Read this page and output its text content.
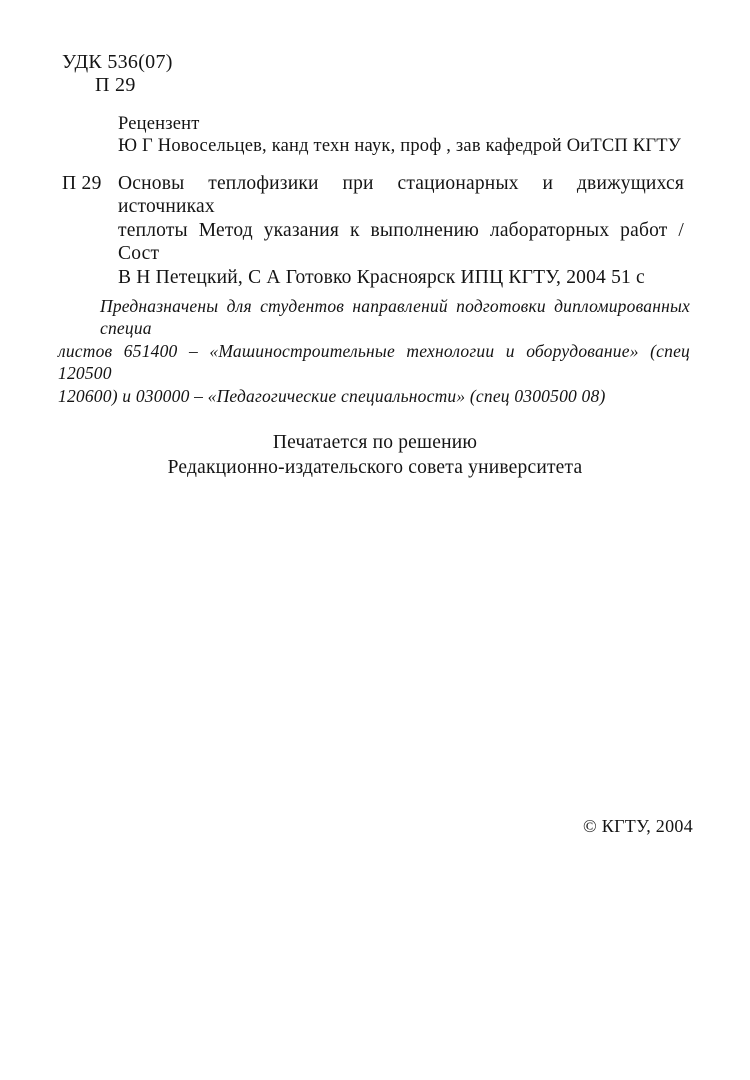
УДК 536(07)
П 29
Рецензент
Ю Г Новосельцев, канд техн наук, проф , зав кафедрой ОиТСП КГТУ
П 29 Основы теплофизики при стационарных и движущихся источниках
теплоты Метод указания к выполнению лабораторных работ / Сост
В Н Петецкий, С А Готовко Красноярск ИПЦ КГТУ, 2004 51 с
Предназначены для студентов направлений подготовки дипломированных специа
листов 651400 – «Машиностроительные технологии и оборудование» (спец 120500
120600) и 030000 – «Педагогические специальности» (спец 0300500 08)
Печатается по решению
Редакционно-издательского совета университета
© КГТУ, 2004
